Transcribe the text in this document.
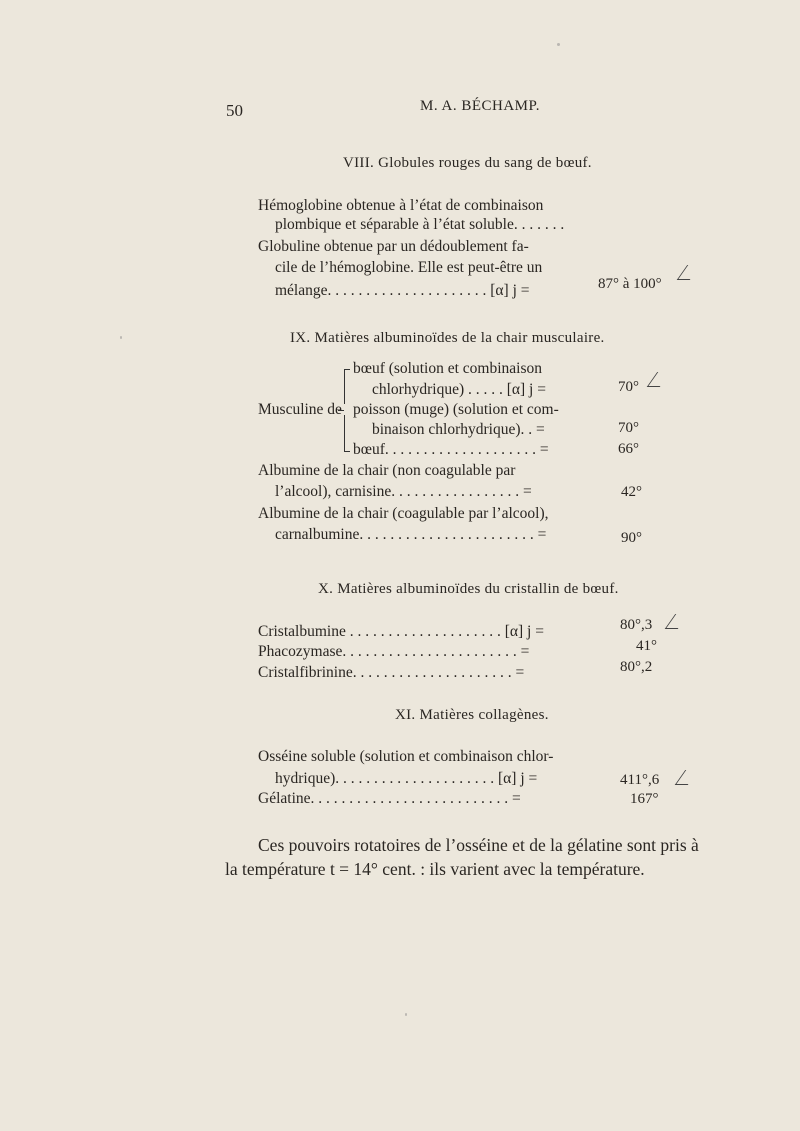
50	M. A. BÉCHAMP.
VIII. Globules rouges du sang de bœuf.
Hémoglobine obtenue à l’état de combinaison
plombique et séparable à l’état soluble. . . . . . .
Globuline obtenue par un dédoublement fa-
cile de l’hémoglobine. Elle est peut-être un
mélange. . . . . . . . . . . . . . . . . . . . . [α] j =	87° à 100°
IX. Matières albuminoïdes de la chair musculaire.
Musculine de
bœuf (solution et combinaison
chlorhydrique) . . . . . [α] j =
poisson (muge) (solution et com-
binaison chlorhydrique). . =
bœuf. . . . . . . . . . . . . . . . . . . . =
Albumine de la chair (non coagulable par
l’alcool), carnisine. . . . . . . . . . . . . . . . . =
Albumine de la chair (coagulable par l’alcool),
carnalbumine. . . . . . . . . . . . . . . . . . . . . . . =
70°
70°
66°
42°
90°
X. Matières albuminoïdes du cristallin de bœuf.
Cristalbumine . . . . . . . . . . . . . . . . . . . . [α] j =
Phacozymase. . . . . . . . . . . . . . . . . . . . . . . =
Cristalfibrinine. . . . . . . . . . . . . . . . . . . . . =
80°,3
41°
80°,2
XI. Matières collagènes.
Osséine soluble (solution et combinaison chlor-
hydrique). . . . . . . . . . . . . . . . . . . . . [α] j =
Gélatine. . . . . . . . . . . . . . . . . . . . . . . . . . =
411°,6
167°
Ces pouvoirs rotatoires de l’osséine et de la gélatine sont pris à
la température t = 14° cent. : ils varient avec la température.
